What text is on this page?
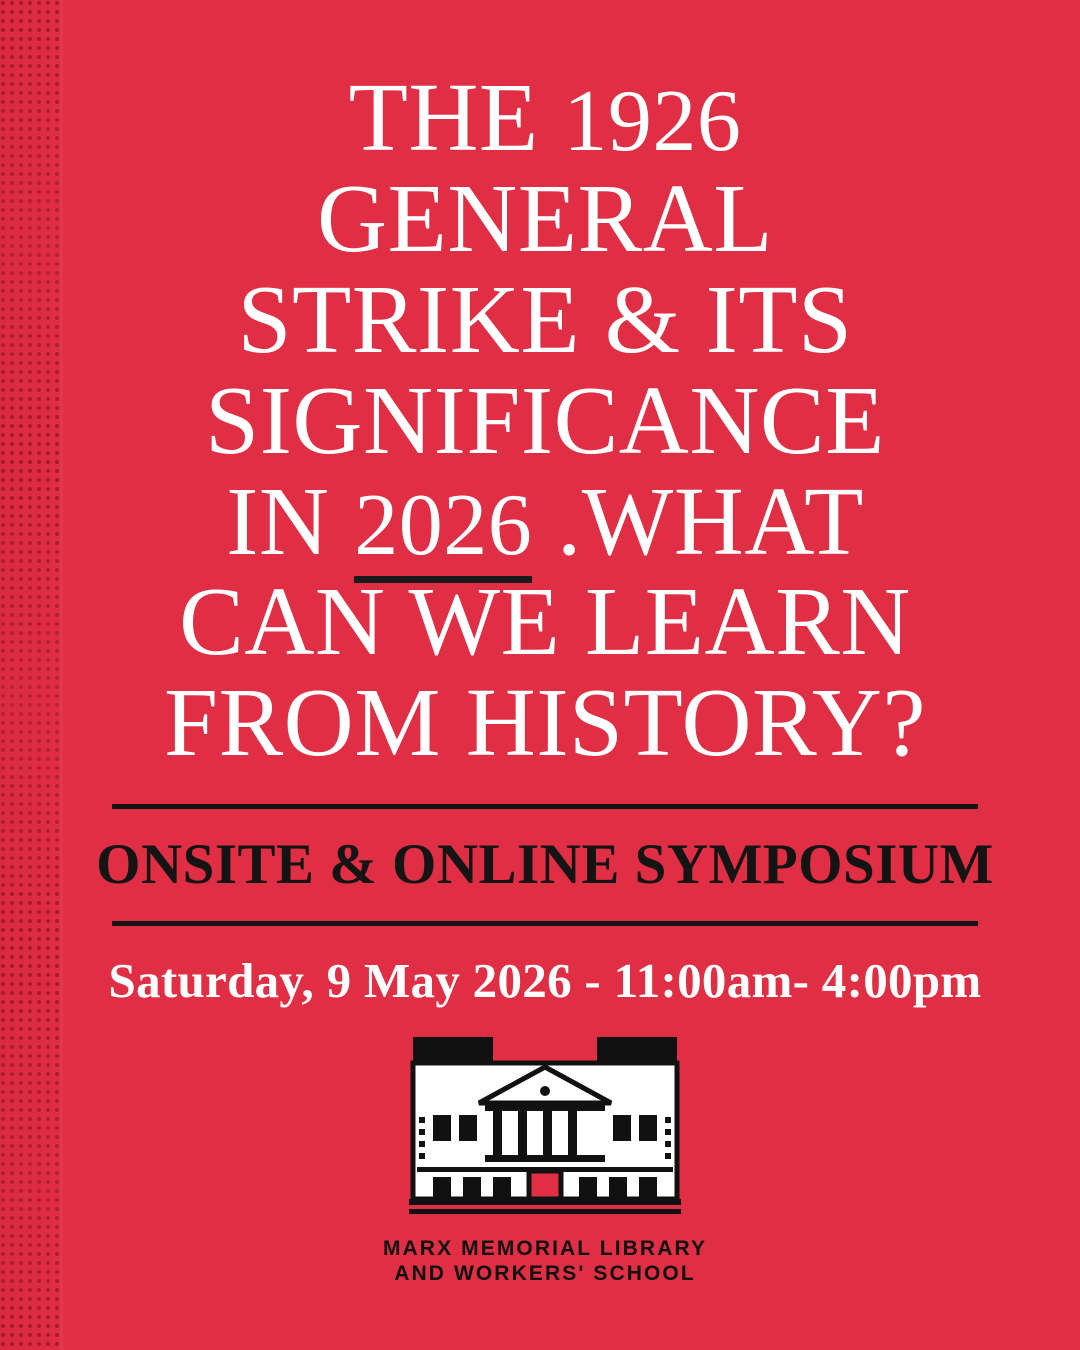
THE 1926
GENERAL
STRIKE & ITS
SIGNIFICANCE
IN 2026 .WHAT
CAN WE LEARN
FROM HISTORY?
ONSITE & ONLINE SYMPOSIUM
Saturday, 9 May 2026 - 11:00am- 4:00pm
MARX MEMORIAL LIBRARY
AND WORKERS' SCHOOL
